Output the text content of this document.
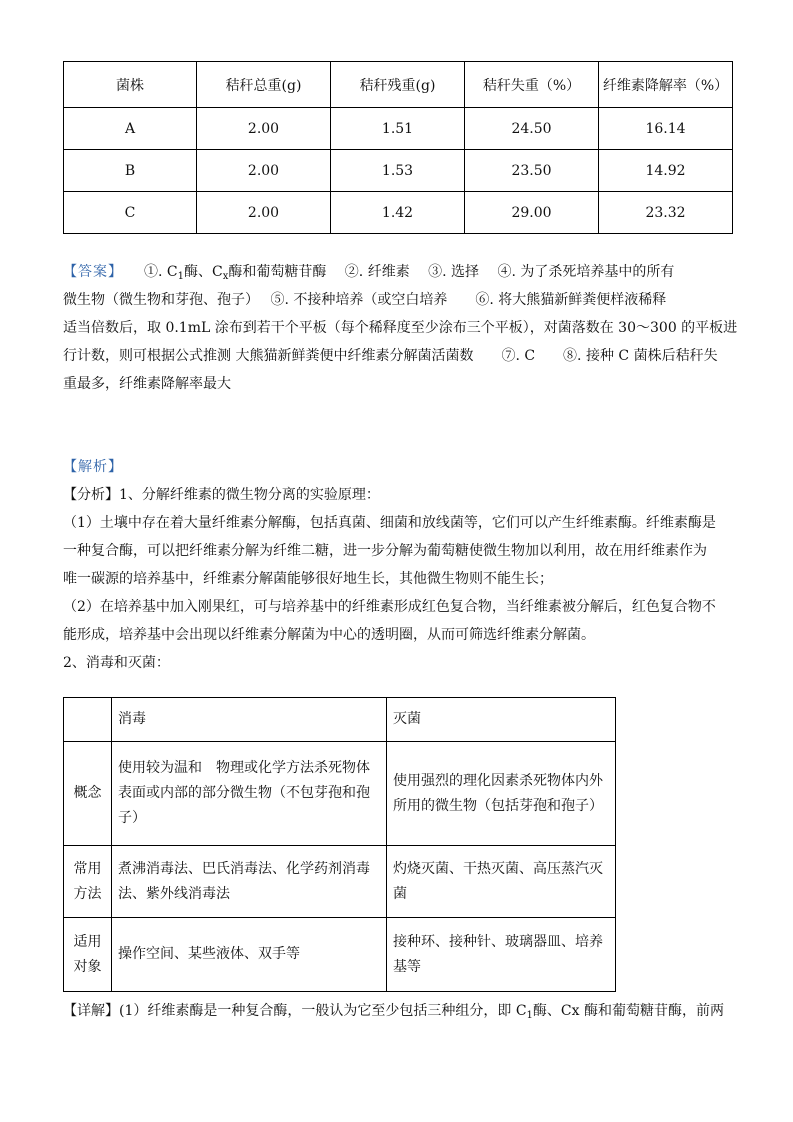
菌株	秸秆总重(g)	秸秆残重(g)	秸秆失重（%）	纤维素降解率（%）
A	2.00	1.51	24.50	16.14
B	2.00	1.53	23.50	14.92
C	2.00	1.42	29.00	23.32
【答案】　　 ①. $C_1$酶、$C_x$酶和葡萄糖苷酶　 ②. 纤维素　 ③. 选择　 ④. 为了杀死培养基中的所有
微生物（微生物和芽孢、孢子）　 ⑤. 不接种培养（或空白培养　　⑥. 将大熊猫新鲜粪便样液稀释
适当倍数后，取 0.1mL 涂布到若干个平板（每个稀释度至少涂布三个平板），对菌落数在 30～300 的平板进
行计数，则可根据公式推测 大熊猫新鲜粪便中纤维素分解菌活菌数　　⑦. C　　⑧. 接种 C 菌株后秸秆失
重最多，纤维素降解率最大
【解析】
【分析】1、分解纤维素的微生物分离的实验原理：
（1）土壤中存在着大量纤维素分解酶，包括真菌、细菌和放线菌等，它们可以产生纤维素酶。纤维素酶是
一种复合酶，可以把纤维素分解为纤维二糖，进一步分解为葡萄糖使微生物加以利用，故在用纤维素作为
唯一碳源的培养基中，纤维素分解菌能够很好地生长，其他微生物则不能生长；
（2）在培养基中加入刚果红，可与培养基中的纤维素形成红色复合物，当纤维素被分解后，红色复合物不
能形成，培养基中会出现以纤维素分解菌为中心的透明圈，从而可筛选纤维素分解菌。
2、消毒和灭菌：
	消毒	灭菌
概念	使用较为温和　物理或化学方法杀死物体表面或内部的部分微生物（不包芽孢和孢子）	使用强烈的理化因素杀死物体内外所用的微生物（包括芽孢和孢子）
常用方法	煮沸消毒法、巴氏消毒法、化学药剂消毒法、紫外线消毒法	灼烧灭菌、干热灭菌、高压蒸汽灭菌
适用对象	操作空间、某些液体、双手等	接种环、接种针、玻璃器皿、培养基等
【详解】(1）纤维素酶是一种复合酶，一般认为它至少包括三种组分，即 $C_1$酶、Cx 酶和葡萄糖苷酶，前两
